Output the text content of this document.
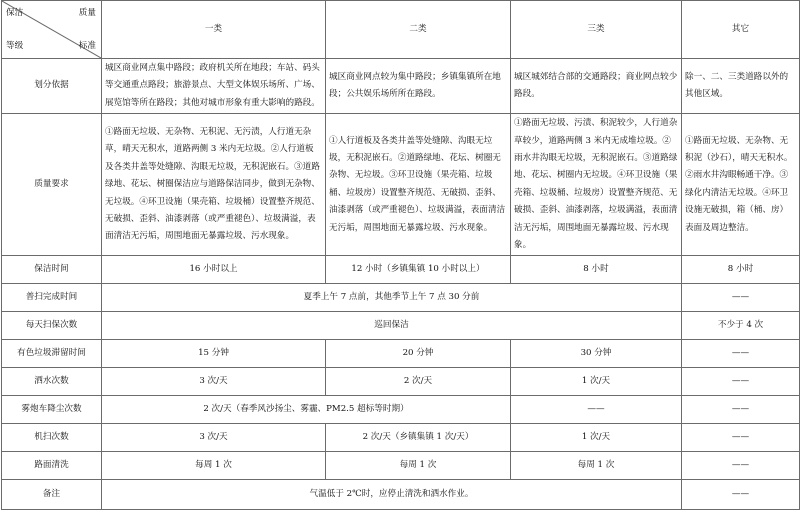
保洁 质量
等级 标准	一类	二类	三类	其它
划分依据	城区商业网点集中路段；政府机关所在地段；车站、码头等交通重点路段；旅游景点、大型文体娱乐场所、广场、展览馆等所在路段；其他对城市形象有重大影响的路段。	城区商业网点较为集中路段；乡镇集镇所在地段；公共娱乐场所所在路段。	城区城郊结合部的交通路段；商业网点较少路段。	除一、二、三类道路以外的其他区域。
质量要求	①路面无垃圾、无杂物、无积泥、无污渍，人行道无杂草，晴天无积水，道路两侧 3 米内无垃圾。②人行道板及各类井盖等处缝隙、沟眼无垃圾，无积泥嵌石。③道路绿地、花坛、树圈保洁应与道路保洁同步，做到无杂物、无垃圾。④环卫设施（果壳箱、垃圾桶）设置整齐规范、无破损、歪斜、油漆剥落（或严重褪色）、垃圾满溢，表面清洁无污垢，周围地面无暴露垃圾、污水现象。	①人行道板及各类井盖等处缝隙、沟眼无垃圾，无积泥嵌石。②道路绿地、花坛、树圈无杂物、无垃圾。③环卫设施（果壳箱、垃圾桶、垃圾房）设置整齐规范、无破损、歪斜、油漆剥落（或严重褪色）、垃圾满溢，表面清洁无污垢，周围地面无暴露垃圾、污水现象。	①路面无垃圾、污渍、积泥较少，人行道杂草较少，道路两侧 3 米内无成堆垃圾。②雨水井沟眼无垃圾，无积泥嵌石。③道路绿地、花坛、树圈内无垃圾。④环卫设施（果壳箱、垃圾桶、垃圾房）设置整齐规范、无破损、歪斜、油漆剥落，垃圾满溢，表面清洁无污垢，周围地面无暴露垃圾、污水现象。	①路面无垃圾、无杂物、无积泥（沙石），晴天无积水。②雨水井沟眼畅通干净。③绿化内清洁无垃圾。④环卫设施无破损，箱（桶、房）表面及周边整洁。
保洁时间	16 小时以上	12 小时（乡镇集镇 10 小时以上）	8 小时	8 小时
普扫完成时间	夏季上午 7 点前，其他季节上午 7 点 30 分前			——
每天扫保次数	巡回保洁			不少于 4 次
有色垃圾滞留时间	15 分钟	20 分钟	30 分钟	——
洒水次数	3 次/天	2 次/天	1 次/天	——
雾炮车降尘次数	2 次/天（春季风沙扬尘、雾霾、PM2.5 超标等时期）		——	——
机扫次数	3 次/天	2 次/天（乡镇集镇 1 次/天）	1 次/天	——
路面清洗	每周 1 次	每周 1 次	每周 1 次	——
备注	气温低于 2℃时，应停止清洗和洒水作业。			——
